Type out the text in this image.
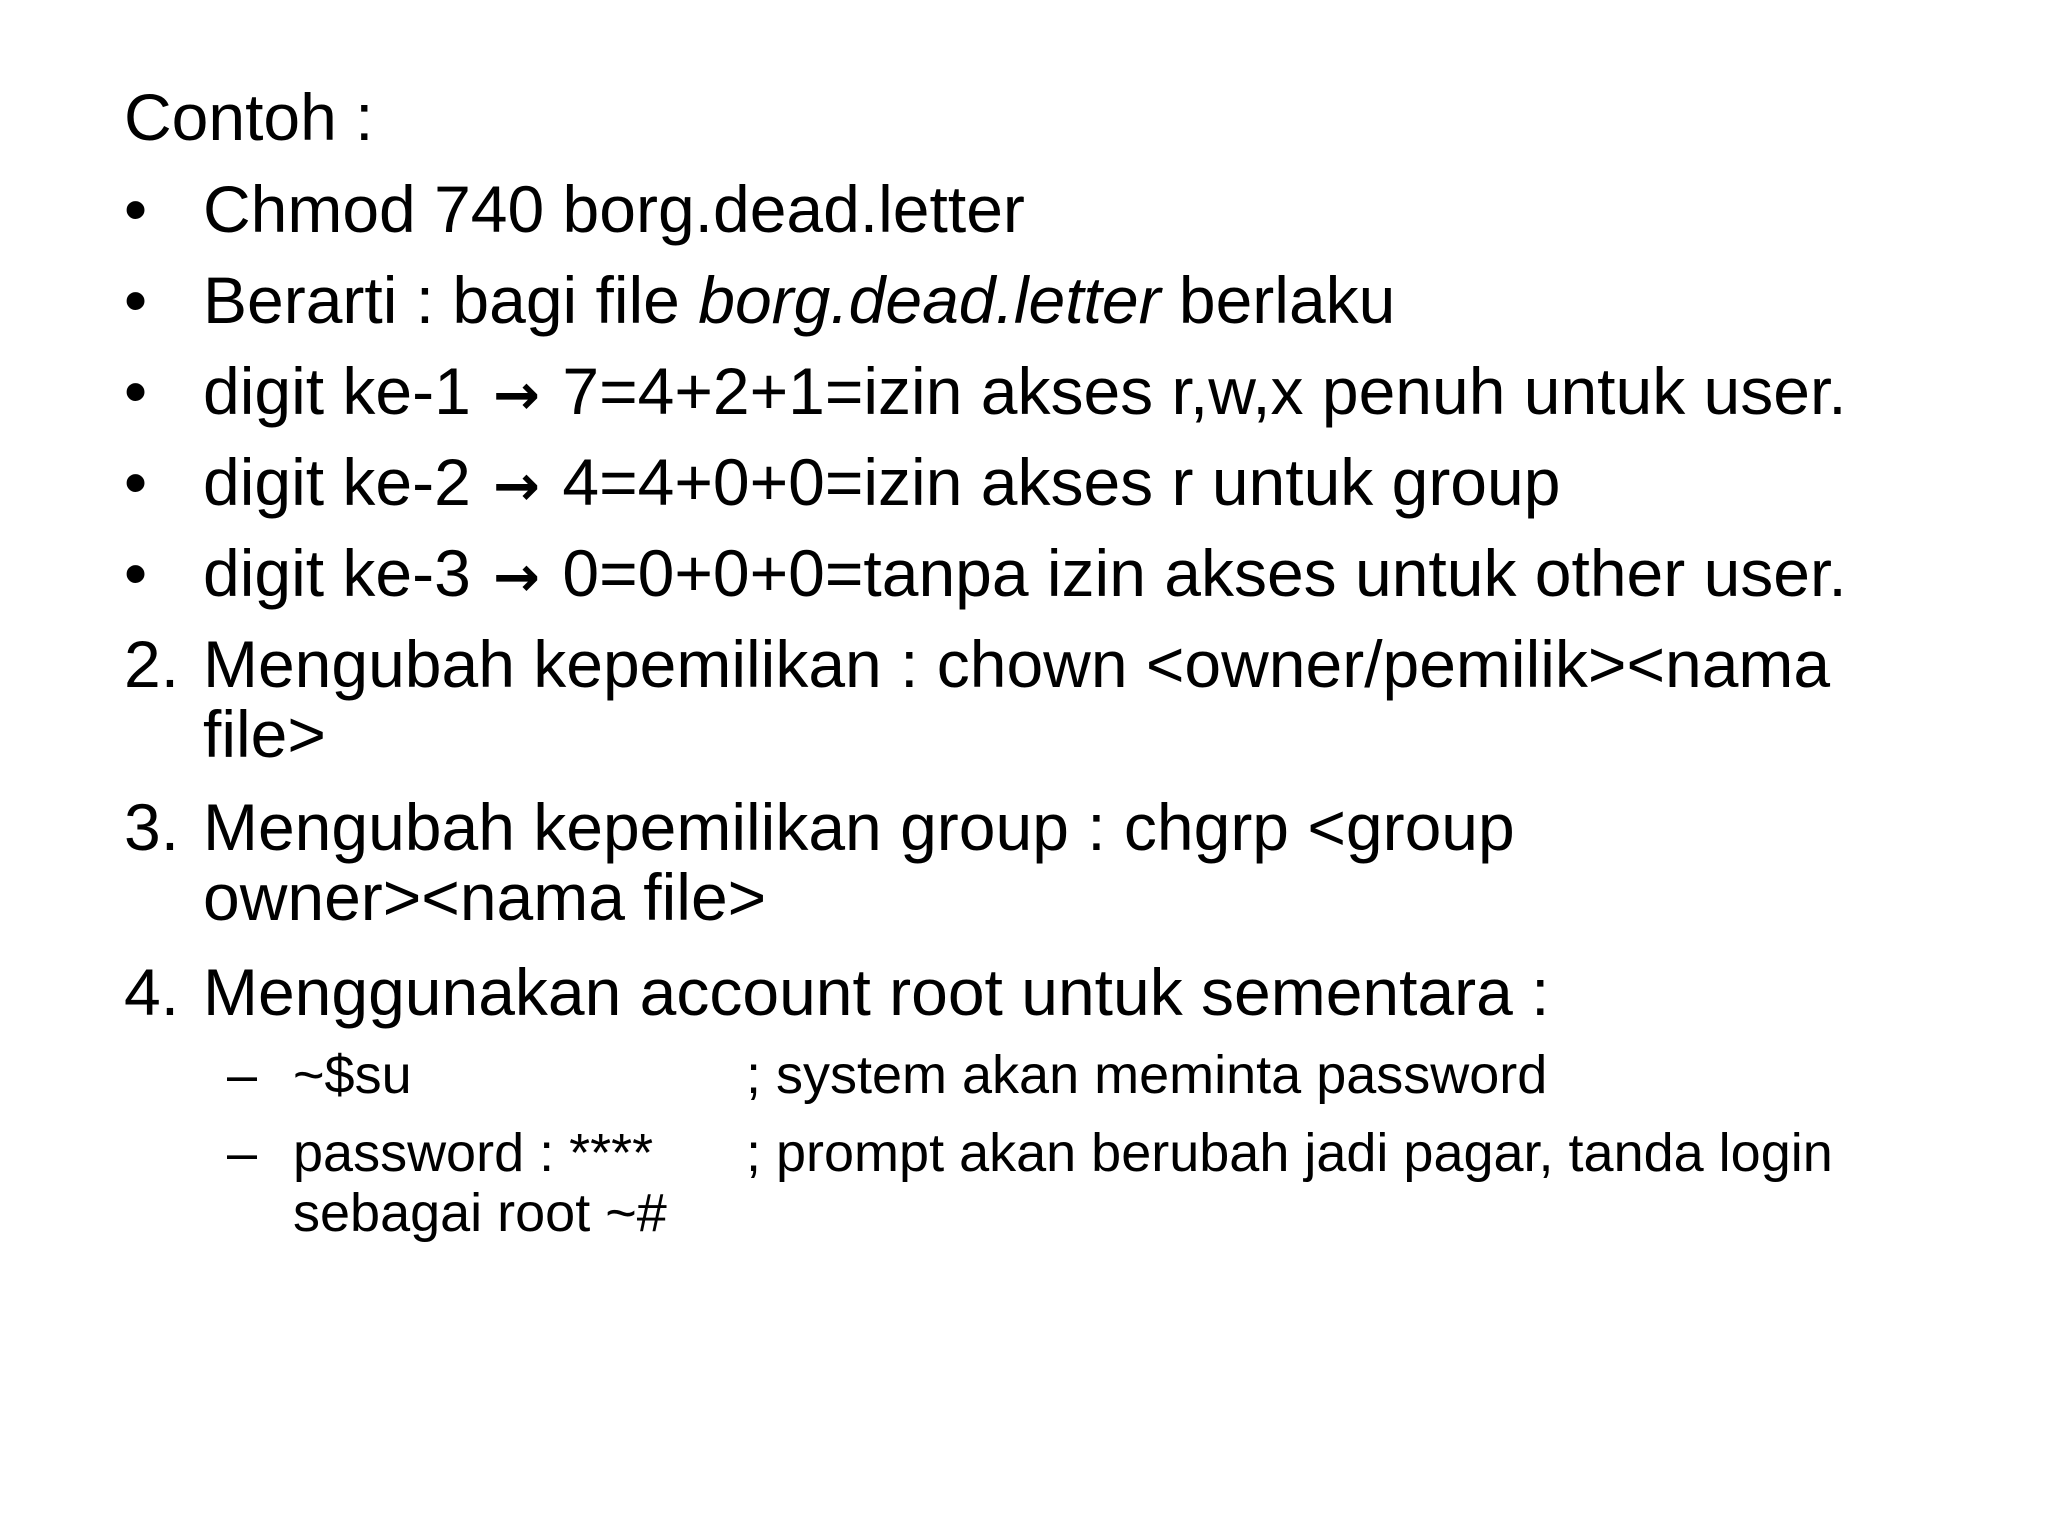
Contoh :
• Chmod 740 borg.dead.letter
• Berarti : bagi file borg.dead.letter berlaku
• digit ke-1 → 7=4+2+1=izin akses r,w,x penuh untuk user.
• digit ke-2 → 4=4+0+0=izin akses r untuk group
• digit ke-3 → 0=0+0+0=tanpa izin akses untuk other user.
2. Mengubah kepemilikan : chown <owner/pemilik><nama
file>
3. Mengubah kepemilikan group : chgrp <group
owner><nama file>
4. Menggunakan account root untuk sementara :
– ~$su	; system akan meminta password
– password : **** ; prompt akan berubah jadi pagar, tanda login
sebagai root ~#
